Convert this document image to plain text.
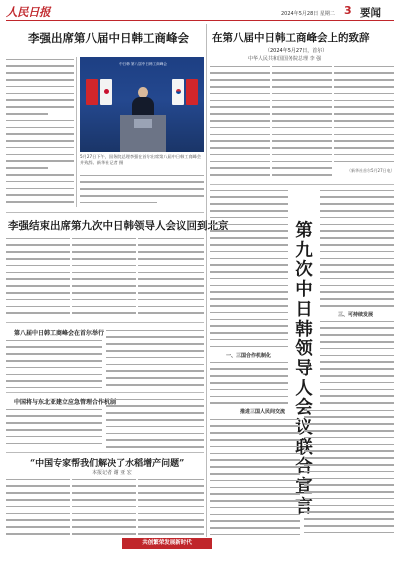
人民日报	2024年5月28日 星期二 3 要闻
李强出席第八届中日韩工商峰会
中日韩 第八届中日韩工商峰会
5月27日下午，国务院总理李强在首尔出席第八届中日韩工商峰会并致辞。新华社记者 摄
李强结束出席第九次中日韩领导人会议回到北京
第八届中日韩工商峰会在首尔举行
中国将与东北亚建立应急管理合作机制
“中国专家帮我们解决了水稻增产问题”
本报记者 谢 亚 宏
共创繁荣发展新时代
在第八届中日韩工商峰会上的致辞
（2024年5月27日，首尔）
中华人民共和国国务院总理 李 强
（新华社首尔5月27日电）
第
九
次
中
日
韩
领
导
人
会
议
联
合
宣
言
一、三国合作机制化
三、可持续发展
推进三国人民间交流
